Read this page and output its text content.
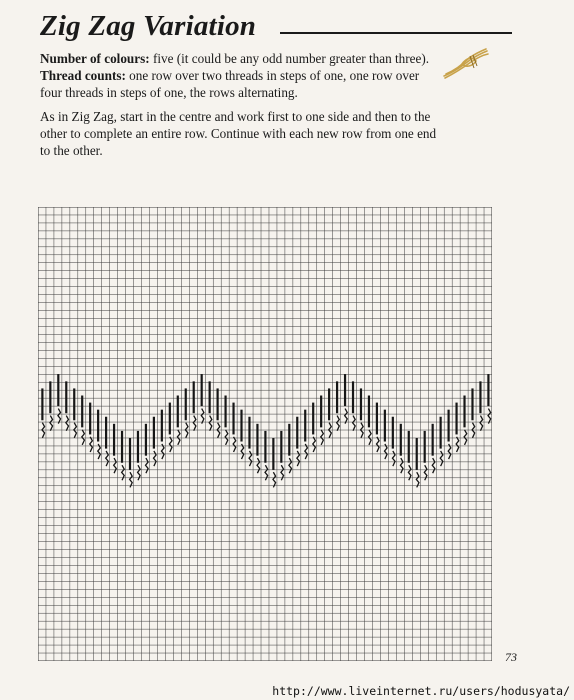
Zig Zag Variation

Number of colours: five (it could be any odd number greater than three). Thread counts: one row over two threads in steps of one, one row over four threads in steps of one, the rows alternating.

As in Zig Zag, start in the centre and work first to one side and then to the other to complete an entire row. Continue with each new row from one end to the other.

73
http://www.liveinternet.ru/users/hodusyata/
